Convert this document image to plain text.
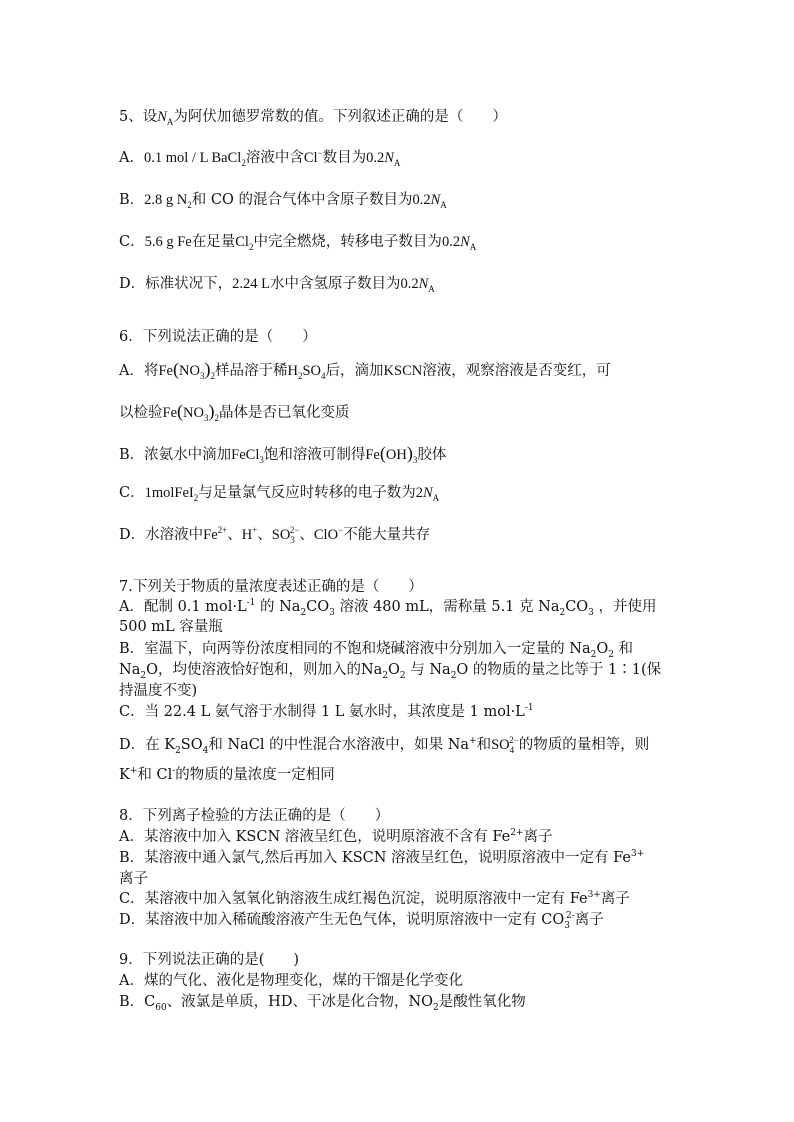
5、设$N_A$为阿伏加德罗常数的值。下列叙述正确的是（　　）
A．0.1 mol / L BaCl$_2$溶液中含Cl−数目为$0.2N_A$
B．2.8 g $N_2$和 CO 的混合气体中含原子数目为$0.2N_A$
C．5.6 g Fe在足量$Cl_2$中完全燃烧，转移电子数目为$0.2N_A$
D．标准状况下，2.24 L水中含氢原子数目为$0.2N_A$
6．下列说法正确的是（　　）
A．将$Fe(NO_3)_2$样品溶于稀$H_2SO_4$后，滴加KSCN溶液，观察溶液是否变红，可
以检验$Fe(NO_3)_2$晶体是否已氧化变质
B．浓氨水中滴加FeCl$_3$饱和溶液可制得$Fe(OH)_3$胶体
C．1molFeI$_2$与足量氯气反应时转移的电子数为$2N_A$
D．水溶液中$Fe^{2+}$、H+、$SO_3^{2-}$、ClO−不能大量共存
7.下列关于物质的量浓度表述正确的是（　　）
A．配制 0.1 $mol\cdot L^{-1}$ 的 $Na_2CO_3$ 溶液 480 mL，需称量 5.1 克 $Na_2CO_3$ ，并使用
500 mL 容量瓶
B．室温下，向两等份浓度相同的不饱和烧碱溶液中分别加入一定量的 $Na_2O_2$ 和
$Na_2O$，均使溶液恰好饱和，则加入的$Na_2O_2$ 与 $Na_2O$ 的物质的量之比等于 1∶1(保
持温度不变)
C．当 22.4 L 氨气溶于水制得 1 L 氨水时，其浓度是 1 $mol\cdot L^{-1}$
D．在 $K_2SO_4$和 NaCl 的中性混合水溶液中，如果 Na+和$SO_4^{2-}$的物质的量相等，则
K+和 Cl-的物质的量浓度一定相同
8．下列离子检验的方法正确的是（　　）
A．某溶液中加入 KSCN 溶液呈红色，说明原溶液不含有 $Fe^{2+}$离子
B．某溶液中通入氯气,然后再加入 KSCN 溶液呈红色，说明原溶液中一定有 $Fe^{3+}$
离子
C．某溶液中加入氢氧化钠溶液生成红褐色沉淀，说明原溶液中一定有 $Fe^{3+}$离子
D．某溶液中加入稀硫酸溶液产生无色气体，说明原溶液中一定有 $CO_3^{2-}$离子
9．下列说法正确的是(　　)
A．煤的气化、液化是物理变化，煤的干馏是化学变化
B．$C_{60}$、液氯是单质，HD、干冰是化合物，$NO_2$是酸性氧化物
